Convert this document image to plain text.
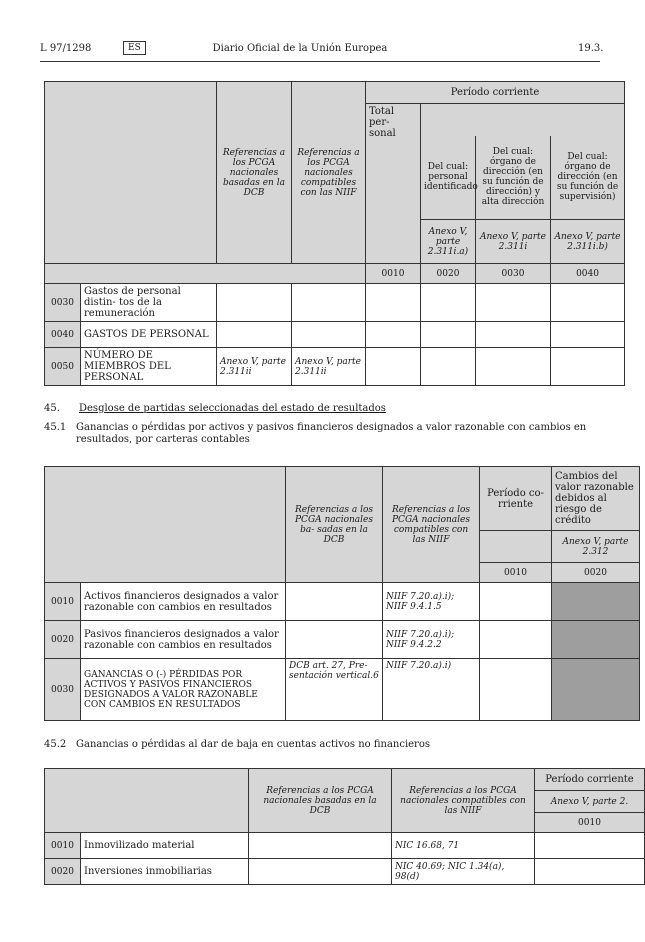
L 97/1298	ES	Diario Oficial de la Unión Europea	19.3.
		Referencias a los PCGA nacionales basadas en la DCB	Referencias a los PCGA nacionales compatibles con las NIIF	Período corriente			
				Total per-
sonal			
					Del cual: personal identificado	Del cual: órgano de dirección (en su función de dirección) y alta dirección	Del cual: órgano de dirección (en su función de supervisión)
					Anexo V, parte 2.311i.a)	Anexo V, parte 2.311i	Anexo V, parte 2.311i.b)
				0010	0020	0030	0040
0030	Gastos de personal distin- tos de la remuneración						
0040	GASTOS DE PERSONAL						
0050	NÚMERO DE MIEMBROS DEL PERSONAL	Anexo V, parte 2.311ii	Anexo V, parte 2.311ii				
45. Desglose de partidas seleccionadas del estado de resultados
45.1 Ganancias o pérdidas por activos y pasivos financieros designados a valor razonable con cambios en resultados, por carteras contables
		Referencias a los PCGA nacionales ba- sadas en la DCB	Referencias a los PCGA nacionales compatibles con las NIIF	Período co- rriente	Cambios del valor razonable debidos al riesgo de crédito
					Anexo V, parte 2.312
				0010	0020
0010	Activos financieros designados a valor razonable con cambios en resultados		NIIF 7.20.a).i); NIIF 9.4.1.5		
0020	Pasivos financieros designados a valor razonable con cambios en resultados		NIIF 7.20.a).i); NIIF 9.4.2.2		
0030	GANANCIAS O (-) PÉRDIDAS POR ACTIVOS Y PASIVOS FINANCIEROS DESIGNADOS A VALOR RAZONABLE CON CAMBIOS EN RESULTADOS	DCB art. 27, Pre- sentación vertical.6	NIIF 7.20.a).i)		
45.2 Ganancias o pérdidas al dar de baja en cuentas activos no financieros
		Referencias a los PCGA nacionales basadas en la DCB	Referencias a los PCGA nacionales compatibles con las NIIF	Período corriente
				Anexo V, parte 2.
				0010
0010	Inmovilizado material		NIC 16.68, 71	
0020	Inversiones inmobiliarias		NIC 40.69; NIC 1.34(a), 98(d)	
